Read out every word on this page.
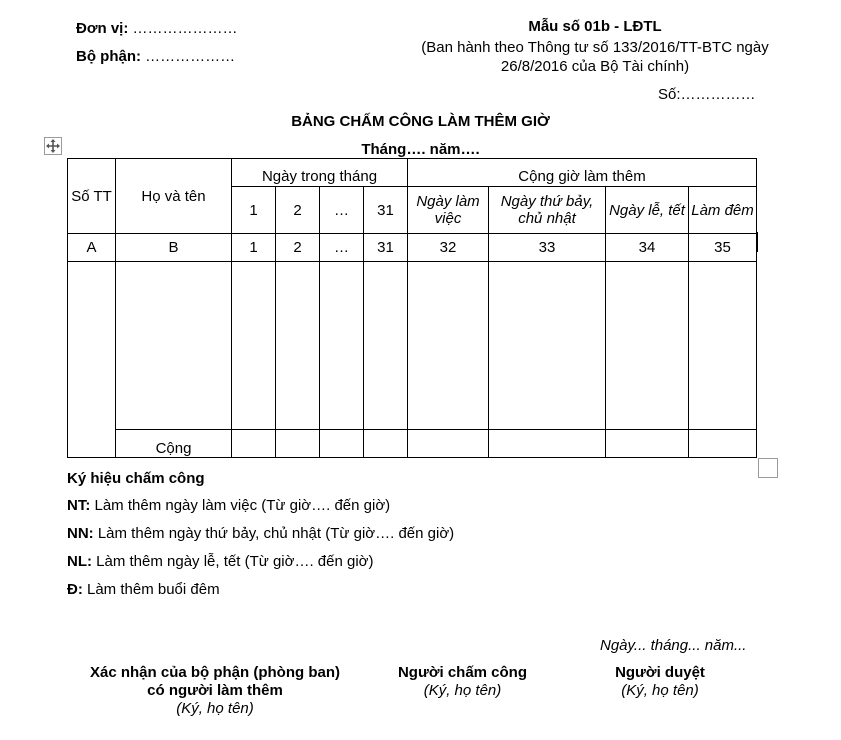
Đơn vị: …………………
Bộ phận: ………………
Mẫu số 01b - LĐTL
(Ban hành theo Thông tư số 133/2016/TT-BTC ngày 26/8/2016 của Bộ Tài chính)
Số:……………
BẢNG CHẤM CÔNG LÀM THÊM GIỜ
Tháng…. năm….
Số TT	Họ và tên	Ngày trong tháng				Cộng giờ làm thêm			
		1	2	…	31	Ngày làm việc	Ngày thứ bảy, chủ nhật	Ngày lễ, tết	Làm đêm
A	B	1	2	…	31	32	33	34	35

	Cộng								
Ký hiệu chấm công
NT: Làm thêm ngày làm việc (Từ giờ…. đến giờ)
NN: Làm thêm ngày thứ bảy, chủ nhật (Từ giờ…. đến giờ)
NL: Làm thêm ngày lễ, tết (Từ giờ…. đến giờ)
Đ: Làm thêm buổi đêm
Ngày... tháng... năm...
Xác nhận của bộ phận (phòng ban)
có người làm thêm
(Ký, họ tên)
Người chấm công
(Ký, họ tên)
Người duyệt
(Ký, họ tên)
